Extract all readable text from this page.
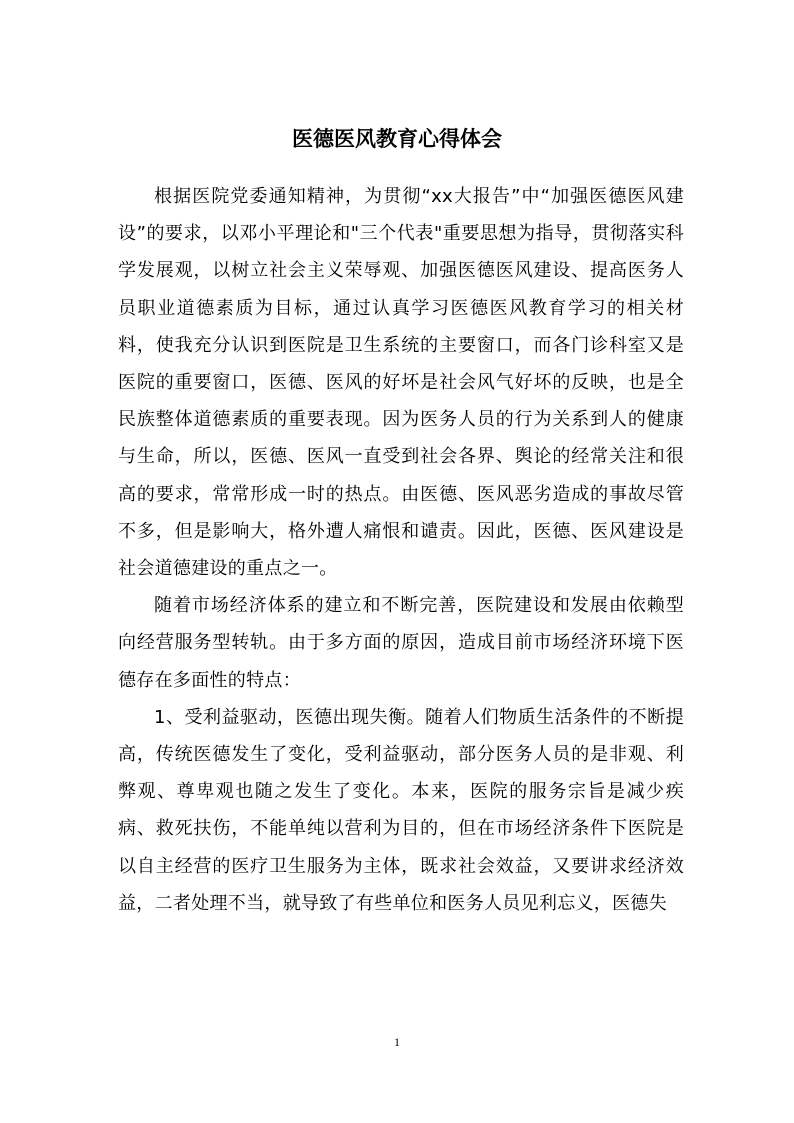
医德医风教育心得体会

根据医院党委通知精神，为贯彻“xx大报告”中“加强医德医风建设”的要求，以邓小平理论和"三个代表"重要思想为指导，贯彻落实科学发展观，以树立社会主义荣辱观、加强医德医风建设、提高医务人员职业道德素质为目标，通过认真学习医德医风教育学习的相关材料，使我充分认识到医院是卫生系统的主要窗口，而各门诊科室又是医院的重要窗口，医德、医风的好坏是社会风气好坏的反映，也是全民族整体道德素质的重要表现。因为医务人员的行为关系到人的健康与生命，所以，医德、医风一直受到社会各界、舆论的经常关注和很高的要求，常常形成一时的热点。由医德、医风恶劣造成的事故尽管不多，但是影响大，格外遭人痛恨和谴责。因此，医德、医风建设是社会道德建设的重点之一。

随着市场经济体系的建立和不断完善，医院建设和发展由依赖型向经营服务型转轨。由于多方面的原因，造成目前市场经济环境下医德存在多面性的特点：

1、受利益驱动，医德出现失衡。随着人们物质生活条件的不断提高，传统医德发生了变化，受利益驱动，部分医务人员的是非观、利弊观、尊卑观也随之发生了变化。本来，医院的服务宗旨是减少疾病、救死扶伤，不能单纯以营利为目的，但在市场经济条件下医院是以自主经营的医疗卫生服务为主体，既求社会效益，又要讲求经济效益，二者处理不当，就导致了有些单位和医务人员见利忘义，医德失

1
